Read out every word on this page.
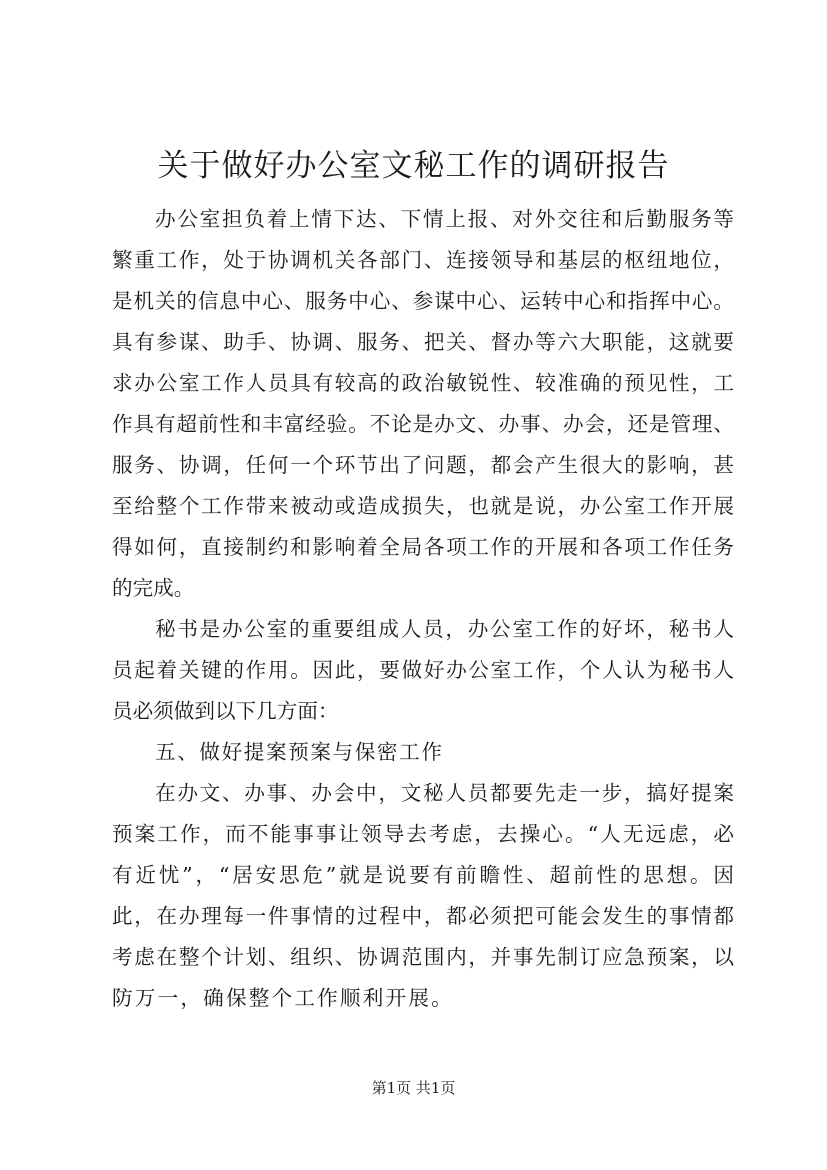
关于做好办公室文秘工作的调研报告
办公室担负着上情下达、下情上报、对外交往和后勤服务等
繁重工作，处于协调机关各部门、连接领导和基层的枢纽地位，
是机关的信息中心、服务中心、参谋中心、运转中心和指挥中心。
具有参谋、助手、协调、服务、把关、督办等六大职能，这就要
求办公室工作人员具有较高的政治敏锐性、较准确的预见性，工
作具有超前性和丰富经验。不论是办文、办事、办会，还是管理、
服务、协调，任何一个环节出了问题，都会产生很大的影响，甚
至给整个工作带来被动或造成损失，也就是说，办公室工作开展
得如何，直接制约和影响着全局各项工作的开展和各项工作任务
的完成。
秘书是办公室的重要组成人员，办公室工作的好坏，秘书人
员起着关键的作用。因此，要做好办公室工作，个人认为秘书人
员必须做到以下几方面：
五、做好提案预案与保密工作
在办文、办事、办会中，文秘人员都要先走一步，搞好提案
预案工作，而不能事事让领导去考虑，去操心。“人无远虑，必
有近忧”，“居安思危”就是说要有前瞻性、超前性的思想。因
此，在办理每一件事情的过程中，都必须把可能会发生的事情都
考虑在整个计划、组织、协调范围内，并事先制订应急预案，以
防万一，确保整个工作顺利开展。
第1页 共1页
